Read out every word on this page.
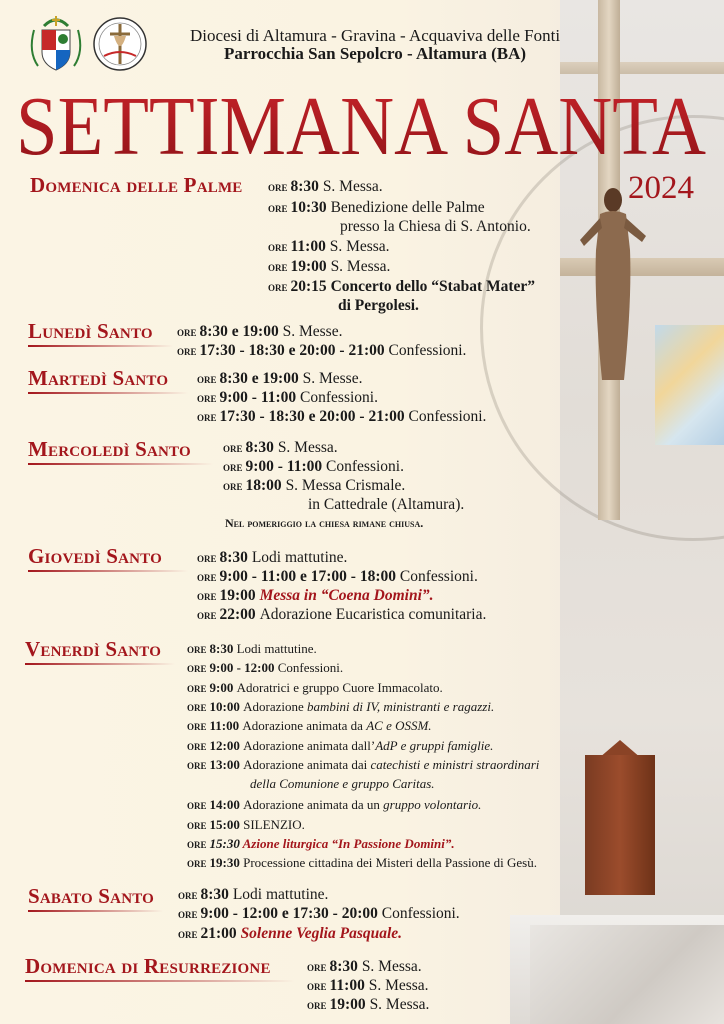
Diocesi di Altamura - Gravina - Acquaviva delle Fonti
Parrocchia San Sepolcro - Altamura (BA)
SETTIMANA SANTA
2024
Domenica delle Palme
Lunedì Santo
Martedì Santo
Mercoledì Santo
Nel pomeriggio la chiesa rimane chiusa.
Giovedì Santo
Venerdì Santo
Sabato Santo
Domenica di Resurrezione
ore 8:30 S. Messa.
ore 10:30 Benedizione delle Palme
presso la Chiesa di S. Antonio.
ore 11:00 S. Messa.
ore 19:00 S. Messa.
ore 20:15 Concerto dello “Stabat Mater”
di Pergolesi.
ore 8:30 e 19:00 S. Messe.
ore 17:30 - 18:30 e 20:00 - 21:00 Confessioni.
ore 8:30 e 19:00 S. Messe.
ore 9:00 - 11:00 Confessioni.
ore 17:30 - 18:30 e 20:00 - 21:00 Confessioni.
ore 8:30 S. Messa.
ore 9:00 - 11:00 Confessioni.
ore 18:00 S. Messa Crismale.
in Cattedrale (Altamura).
ore 8:30 Lodi mattutine.
ore 9:00 - 11:00 e 17:00 - 18:00 Confessioni.
ore 19:00 Messa in “Coena Domini”.
ore 22:00 Adorazione Eucaristica comunitaria.
ore 8:30 Lodi mattutine.
ore 9:00 - 12:00 Confessioni.
ore 9:00 Adoratrici e gruppo Cuore Immacolato.
ore 10:00 Adorazione bambini di IV, ministranti e ragazzi.
ore 11:00 Adorazione animata da AC e OSSM.
ore 12:00 Adorazione animata dall’AdP e gruppi famiglie.
ore 13:00 Adorazione animata dai catechisti e ministri straordinari
della Comunione e gruppo Caritas.
ore 14:00 Adorazione animata da un gruppo volontario.
ore 15:00 SILENZIO.
ore 15:30 Azione liturgica “In Passione Domini”.
ore 19:30 Processione cittadina dei Misteri della Passione di Gesù.
ore 8:30 Lodi mattutine.
ore 9:00 - 12:00 e 17:30 - 20:00 Confessioni.
ore 21:00 Solenne Veglia Pasquale.
ore 8:30 S. Messa.
ore 11:00 S. Messa.
ore 19:00 S. Messa.
